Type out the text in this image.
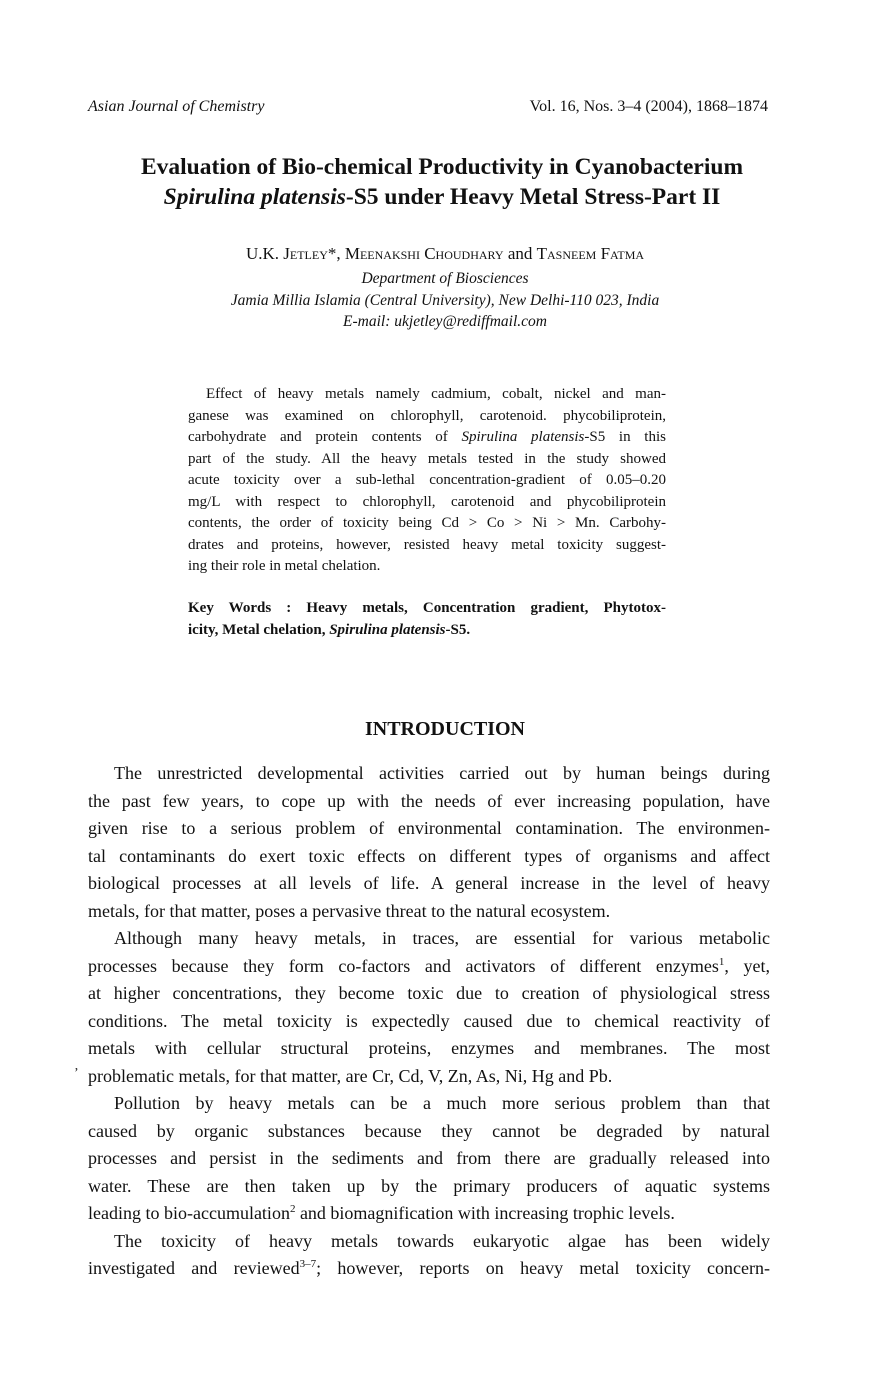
Asian Journal of Chemistry	Vol. 16, Nos. 3–4 (2004), 1868–1874
Evaluation of Bio-chemical Productivity in Cyanobacterium
Spirulina platensis-S5 under Heavy Metal Stress-Part II
U.K. Jetley*, Meenakshi Choudhary and Tasneem Fatma
Department of Biosciences
Jamia Millia Islamia (Central University), New Delhi-110 023, India
E-mail: ukjetley@rediffmail.com
Effect of heavy metals namely cadmium, cobalt, nickel and man-
ganese was examined on chlorophyll, carotenoid. phycobiliprotein,
carbohydrate and protein contents of Spirulina platensis-S5 in this
part of the study. All the heavy metals tested in the study showed
acute toxicity over a sub-lethal concentration-gradient of 0.05–0.20
mg/L with respect to chlorophyll, carotenoid and phycobiliprotein
contents, the order of toxicity being Cd > Co > Ni > Mn. Carbohy-
drates and proteins, however, resisted heavy metal toxicity suggest-
ing their role in metal chelation.
Key Words : Heavy metals, Concentration gradient, Phytotox-
icity, Metal chelation, Spirulina platensis-S5.
INTRODUCTION
The unrestricted developmental activities carried out by human beings during
the past few years, to cope up with the needs of ever increasing population, have
given rise to a serious problem of environmental contamination. The environmen-
tal contaminants do exert toxic effects on different types of organisms and affect
biological processes at all levels of life. A general increase in the level of heavy
metals, for that matter, poses a pervasive threat to the natural ecosystem.
Although many heavy metals, in traces, are essential for various metabolic
processes because they form co-factors and activators of different enzymes$^1$, yet,
at higher concentrations, they become toxic due to creation of physiological stress
conditions. The metal toxicity is expectedly caused due to chemical reactivity of
metals with cellular structural proteins, enzymes and membranes. The most
problematic metals, for that matter, are Cr, Cd, V, Zn, As, Ni, Hg and Pb.
Pollution by heavy metals can be a much more serious problem than that
caused by organic substances because they cannot be degraded by natural
processes and persist in the sediments and from there are gradually released into
water. These are then taken up by the primary producers of aquatic systems
leading to bio-accumulation$^2$ and biomagnification with increasing trophic levels.
The toxicity of heavy metals towards eukaryotic algae has been widely
investigated and reviewed$^{3-7}$; however, reports on heavy metal toxicity concern-
’
